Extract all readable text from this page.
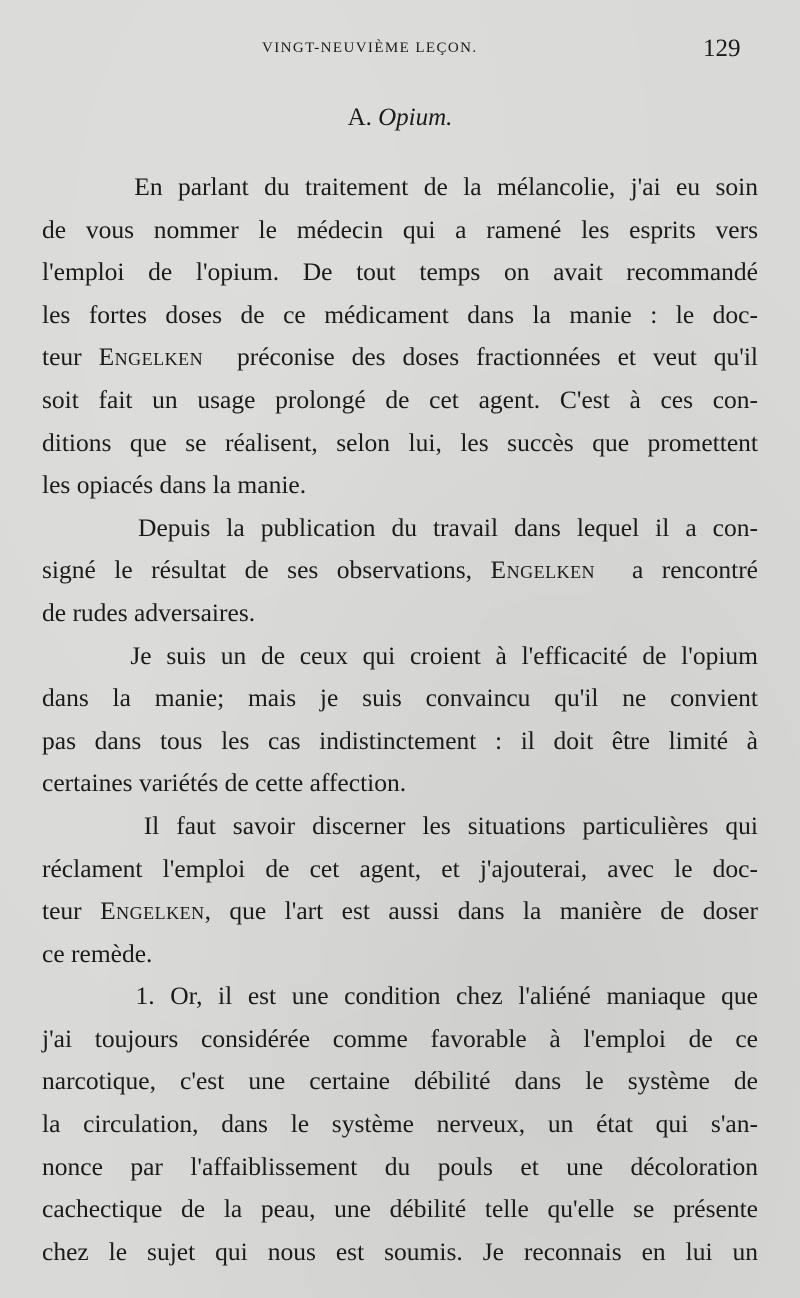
VINGT-NEUVIÈME LEÇON.	129
A. Opium.
En parlant du traitement de la mélancolie, j'ai eu soin
de vous nommer le médecin qui a ramené les esprits vers
l'emploi de l'opium. De tout temps on avait recommandé
les fortes doses de ce médicament dans la manie : le doc-
teur Engelken  préconise des doses fractionnées et veut qu'il
soit fait un usage prolongé de cet agent. C'est à ces con-
ditions que se réalisent, selon lui, les succès que promettent
les opiacés dans la manie.
Depuis la publication du travail dans lequel il a con-
signé le résultat de ses observations, Engelken  a rencontré
de rudes adversaires.
Je suis un de ceux qui croient à l'efficacité de l'opium
dans la manie; mais je suis convaincu qu'il ne convient
pas dans tous les cas indistinctement : il doit être limité à
certaines variétés de cette affection.
Il faut savoir discerner les situations particulières qui
réclament l'emploi de cet agent, et j'ajouterai, avec le doc-
teur Engelken, que l'art est aussi dans la manière de doser
ce remède.
1. Or, il est une condition chez l'aliéné maniaque que
j'ai toujours considérée comme favorable à l'emploi de ce
narcotique, c'est une certaine débilité dans le système de
la circulation, dans le système nerveux, un état qui s'an-
nonce par l'affaiblissement du pouls et une décoloration
cachectique de la peau, une débilité telle qu'elle se présente
chez le sujet qui nous est soumis. Je reconnais en lui un
